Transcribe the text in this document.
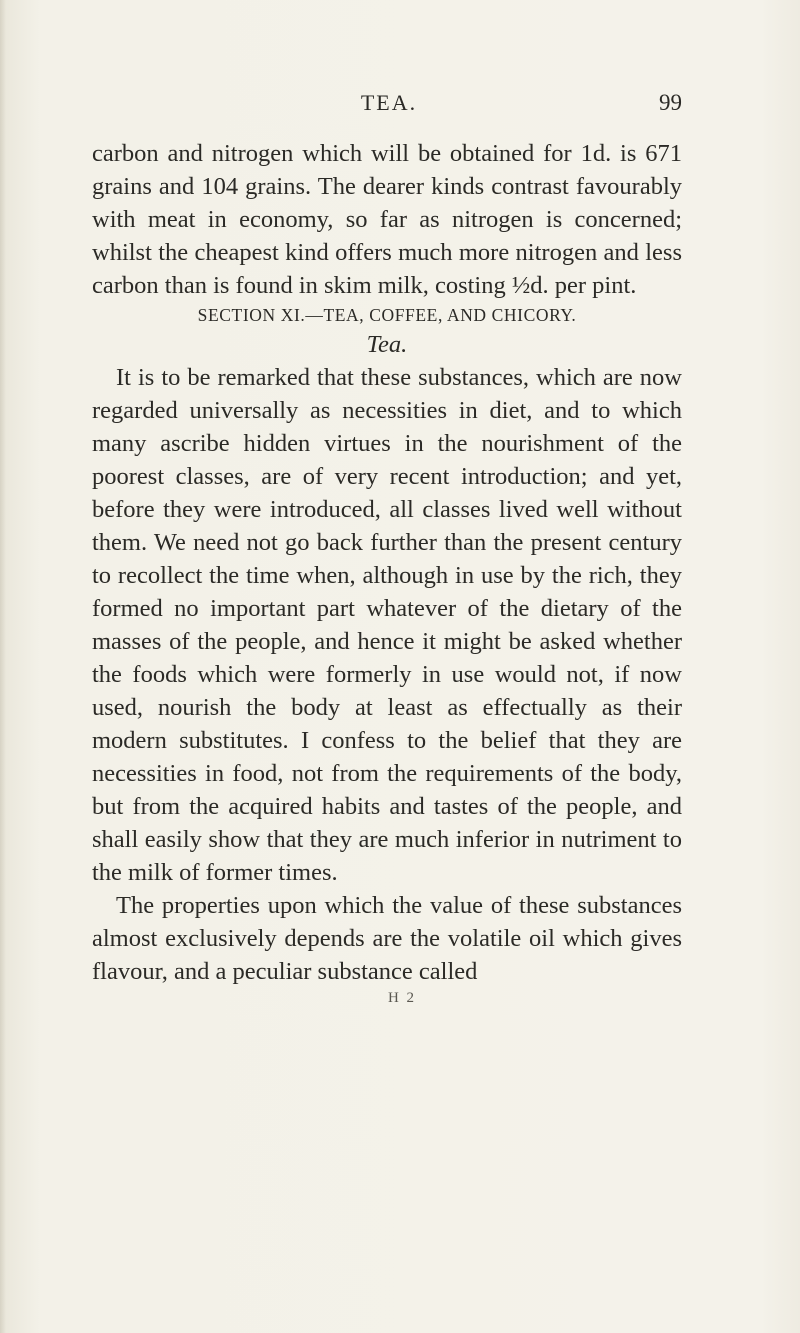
TEA.	99

carbon and nitrogen which will be obtained for 1d. is 671 grains and 104 grains. The dearer kinds contrast favourably with meat in economy, so far as nitrogen is concerned; whilst the cheapest kind offers much more nitrogen and less carbon than is found in skim milk, costing ½d. per pint.

SECTION XI.—TEA, COFFEE, AND CHICORY.

Tea.

It is to be remarked that these substances, which are now regarded universally as necessities in diet, and to which many ascribe hidden virtues in the nourishment of the poorest classes, are of very recent introduction; and yet, before they were introduced, all classes lived well without them. We need not go back further than the present century to recollect the time when, although in use by the rich, they formed no important part whatever of the dietary of the masses of the people, and hence it might be asked whether the foods which were formerly in use would not, if now used, nourish the body at least as effectually as their modern substitutes. I confess to the belief that they are necessities in food, not from the requirements of the body, but from the acquired habits and tastes of the people, and shall easily show that they are much inferior in nutriment to the milk of former times.

The properties upon which the value of these substances almost exclusively depends are the volatile oil which gives flavour, and a peculiar substance called

H 2
